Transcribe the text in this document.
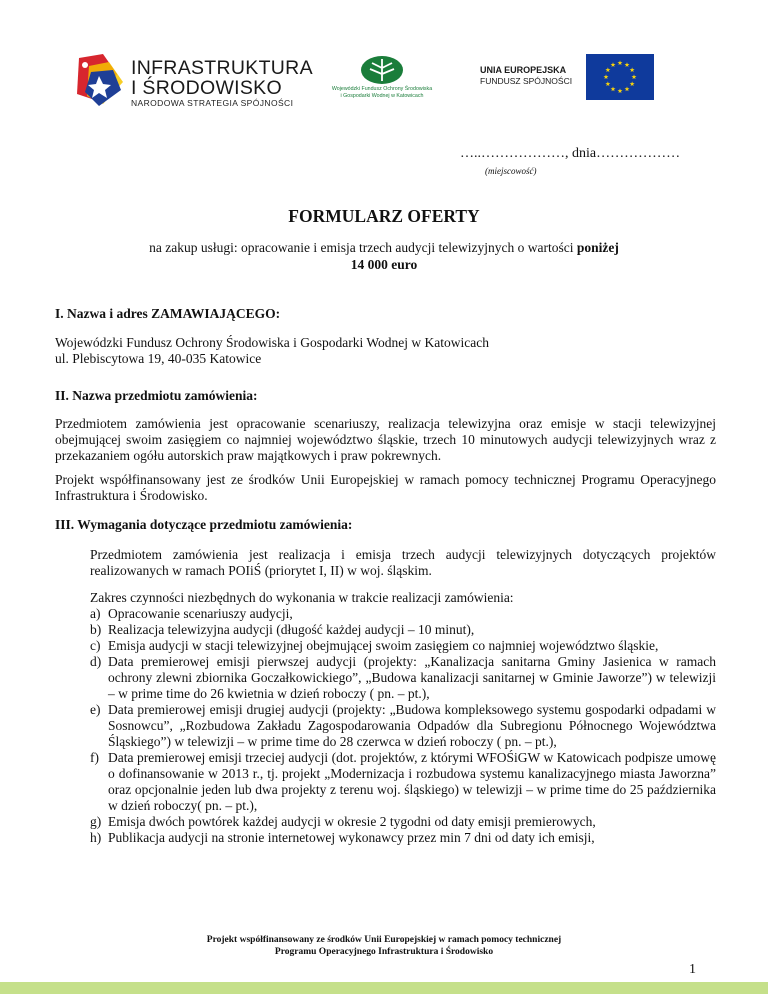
INFRASTRUKTURA
I ŚRODOWISKO
NARODOWA STRATEGIA SPÓJNOŚCI
Wojewódzki Fundusz Ochrony Środowiska
i Gospodarki Wodnej w Katowicach
UNIA EUROPEJSKA
FUNDUSZ SPÓJNOŚCI
…..………………, dnia………………
(miejscowość)
FORMULARZ OFERTY
na zakup usługi: opracowanie i emisja trzech audycji telewizyjnych o wartości poniżej
14 000 euro
I. Nazwa i adres ZAMAWIAJĄCEGO:
Wojewódzki Fundusz Ochrony Środowiska i Gospodarki Wodnej w Katowicach
ul. Plebiscytowa 19, 40-035 Katowice
II. Nazwa przedmiotu zamówienia:
Przedmiotem zamówienia jest opracowanie scenariuszy, realizacja telewizyjna oraz emisje w stacji telewizyjnej obejmującej swoim zasięgiem co najmniej województwo śląskie, trzech 10 minutowych audycji telewizyjnych wraz z przekazaniem ogółu autorskich praw majątkowych i praw pokrewnych.
Projekt współfinansowany jest ze środków Unii Europejskiej w ramach pomocy technicznej Programu Operacyjnego Infrastruktura i Środowisko.
III. Wymagania dotyczące przedmiotu zamówienia:
Przedmiotem zamówienia jest realizacja i emisja trzech audycji telewizyjnych dotyczących projektów realizowanych w ramach POIiŚ (priorytet I, II) w woj. śląskim.
Zakres czynności niezbędnych do wykonania w trakcie realizacji zamówienia:
a) Opracowanie scenariuszy audycji,
b) Realizacja telewizyjna audycji (długość każdej audycji – 10 minut),
c) Emisja audycji w stacji telewizyjnej obejmującej swoim zasięgiem co najmniej województwo śląskie,
d) Data premierowej emisji pierwszej audycji (projekty: „Kanalizacja sanitarna Gminy Jasienica w ramach ochrony zlewni zbiornika Goczałkowickiego”, „Budowa kanalizacji sanitarnej w Gminie Jaworze”) w telewizji – w prime time do 26 kwietnia w dzień roboczy ( pn. – pt.),
e) Data premierowej emisji drugiej audycji (projekty: „Budowa kompleksowego systemu gospodarki odpadami w Sosnowcu”, „Rozbudowa Zakładu Zagospodarowania Odpadów dla Subregionu Północnego Województwa Śląskiego”) w telewizji – w prime time do 28 czerwca w dzień roboczy ( pn. – pt.),
f) Data premierowej emisji trzeciej audycji (dot. projektów, z którymi WFOŚiGW w Katowicach podpisze umowę o dofinansowanie w 2013 r., tj. projekt „Modernizacja i rozbudowa systemu kanalizacyjnego miasta Jaworzna” oraz opcjonalnie jeden lub dwa projekty z terenu woj. śląskiego) w telewizji – w prime time do 25 października w dzień roboczy( pn. – pt.),
g) Emisja dwóch powtórek każdej audycji w okresie 2 tygodni od daty emisji premierowych,
h) Publikacja audycji na stronie internetowej wykonawcy przez min 7 dni od daty ich emisji,
Projekt współfinansowany ze środków Unii Europejskiej w ramach pomocy technicznej
Programu Operacyjnego Infrastruktura i Środowisko
1
